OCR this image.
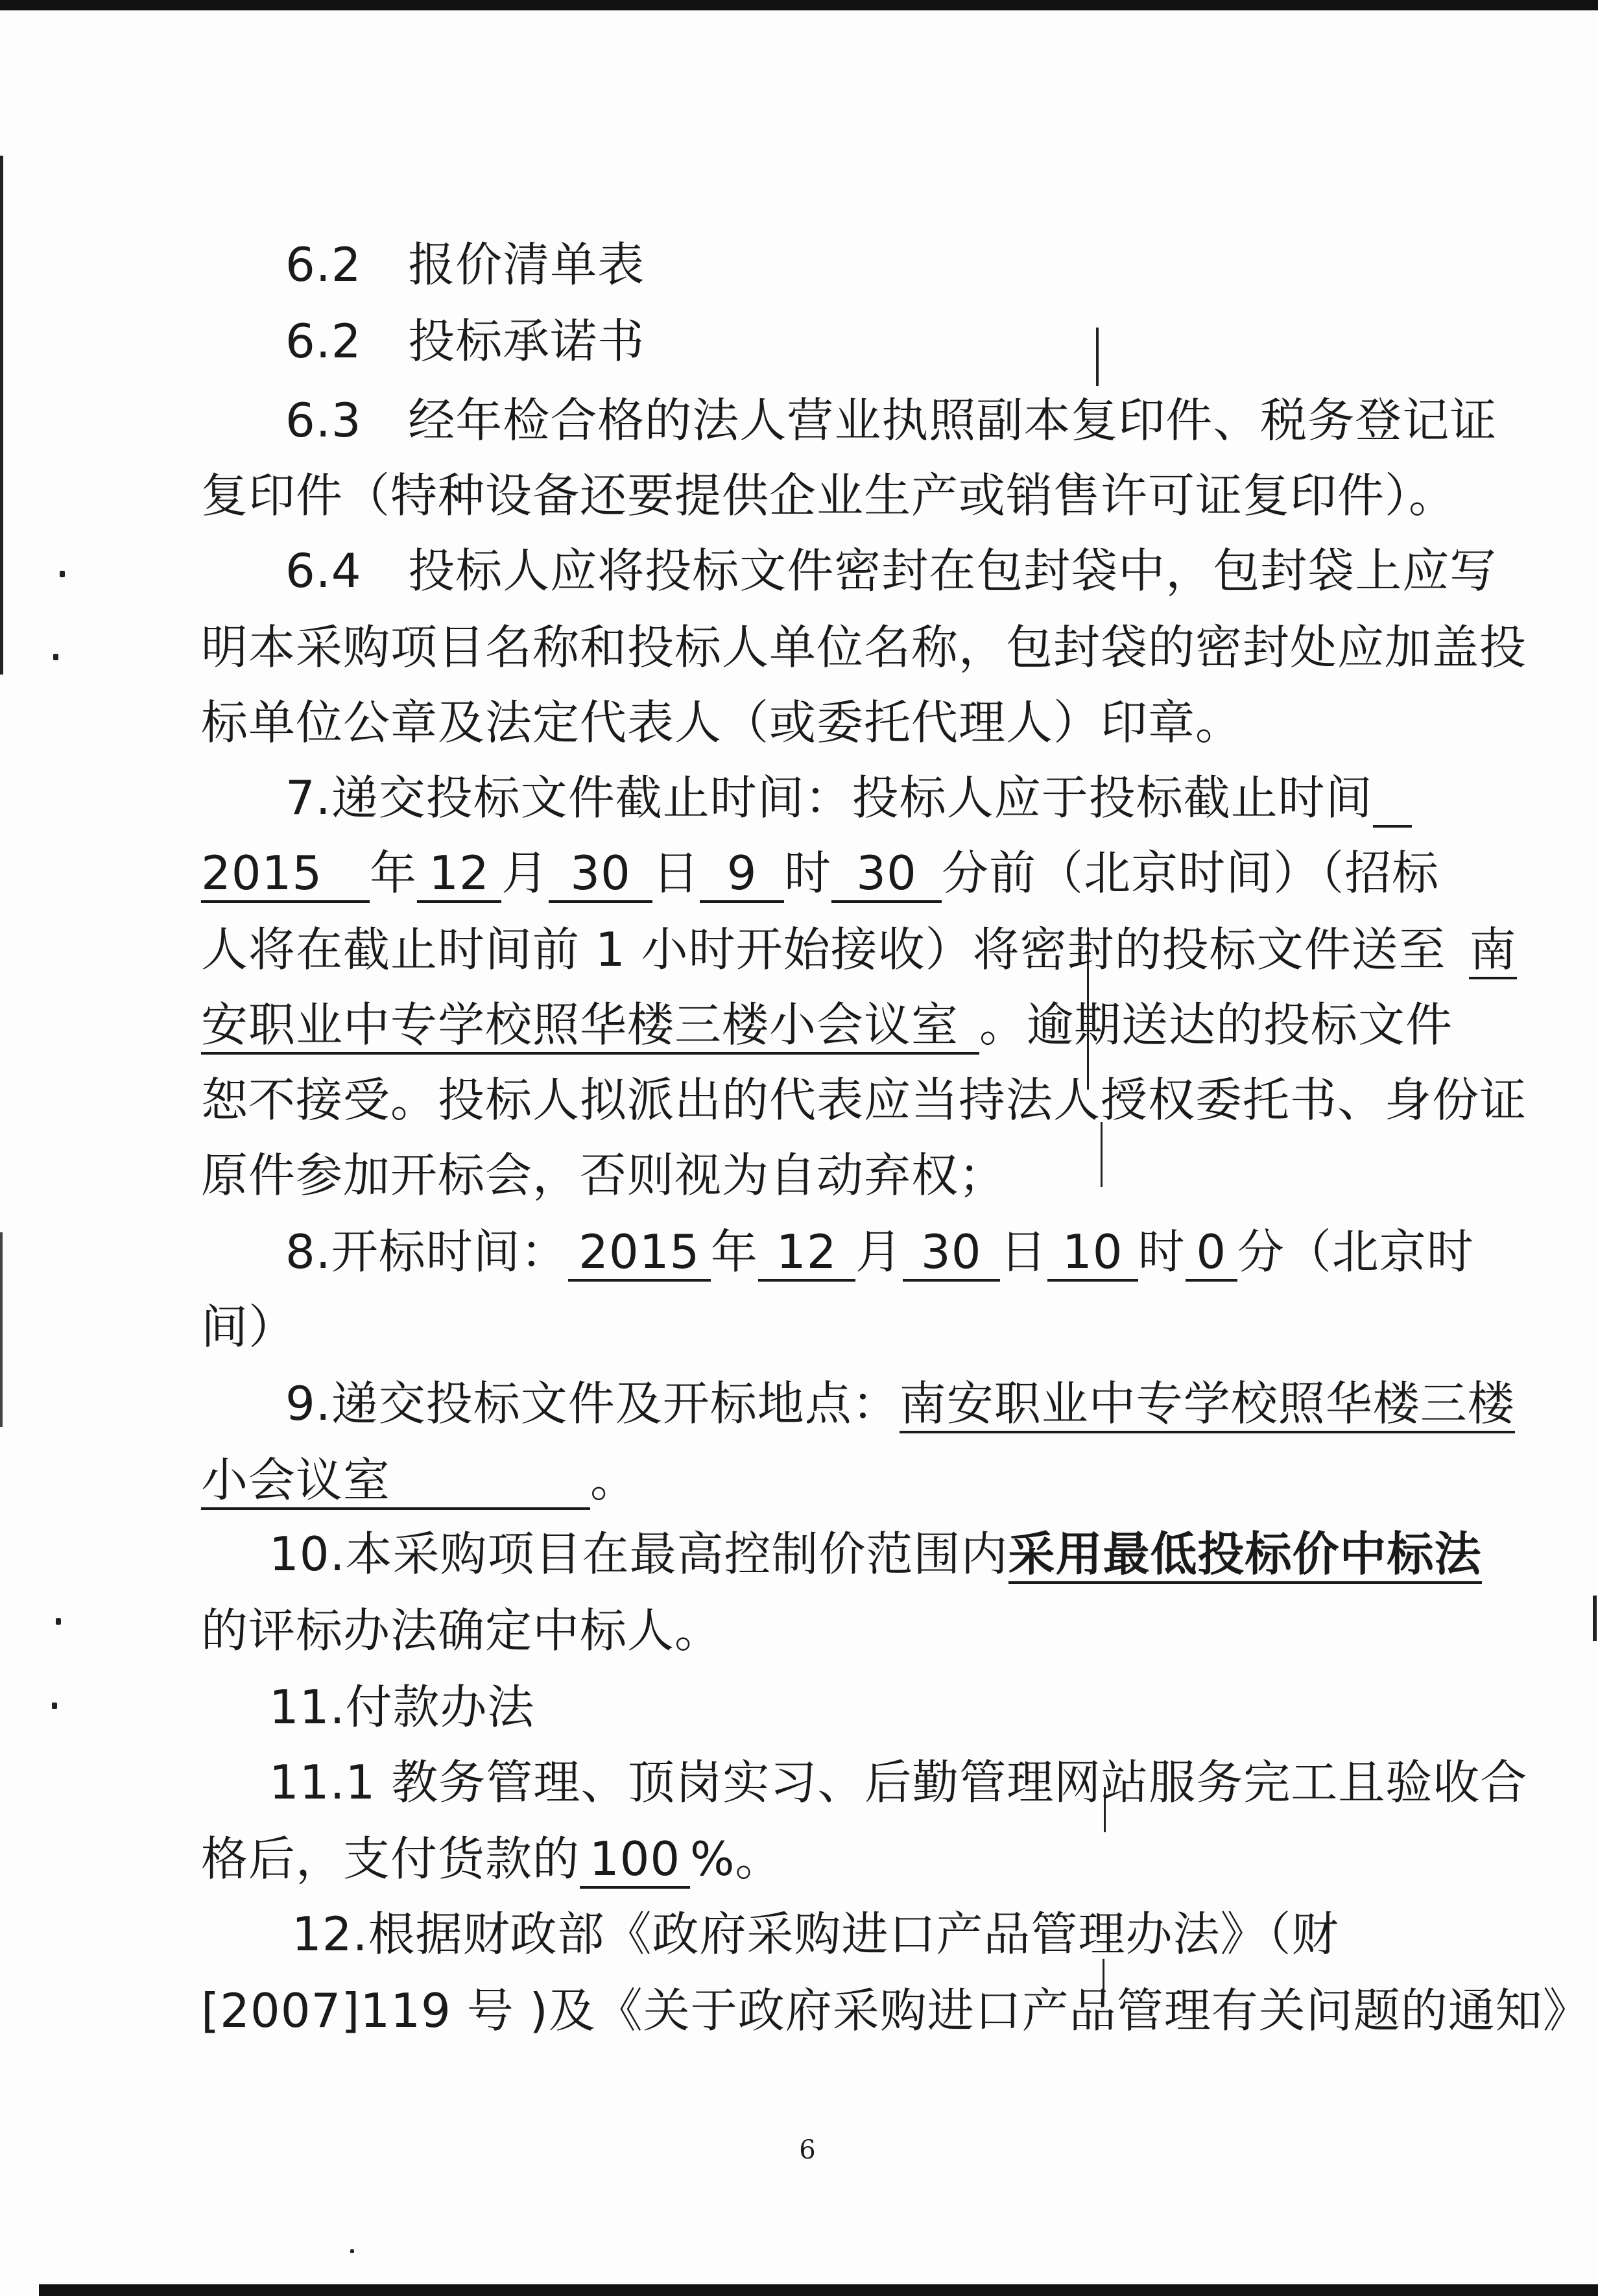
6.2 报价清单表
6.2 投标承诺书
6.3 经年检合格的法人营业执照副本复印件、税务登记证
复印件（特种设备还要提供企业生产或销售许可证复印件）。
6.4 投标人应将投标文件密封在包封袋中，包封袋上应写
明本采购项目名称和投标人单位名称，包封袋的密封处应加盖投
标单位公章及法定代表人（或委托代理人）印章。
7.递交投标文件截止时间：投标人应于投标截止时间
2015 年 12 月 30 日 9 时 30 分前（北京时间）（招标
人将在截止时间前 1 小时开始接收）将密封的投标文件送至 南
安职业中专学校照华楼三楼小会议室 。逾期送达的投标文件
恕不接受。投标人拟派出的代表应当持法人授权委托书、身份证
原件参加开标会，否则视为自动弃权；
8.开标时间： 2015 年 12 月 30 日 10 时 0 分（北京时
间）
9.递交投标文件及开标地点：南安职业中专学校照华楼三楼
小会议室	。
10.本采购项目在最高控制价范围内采用最低投标价中标法
的评标办法确定中标人。
11.付款办法
11.1 教务管理、顶岗实习、后勤管理网站服务完工且验收合
格后，支付货款的 100 %。
12.根据财政部《政府采购进口产品管理办法》（财
[2007]119 号 )及《关于政府采购进口产品管理有关问题的通知》
6
